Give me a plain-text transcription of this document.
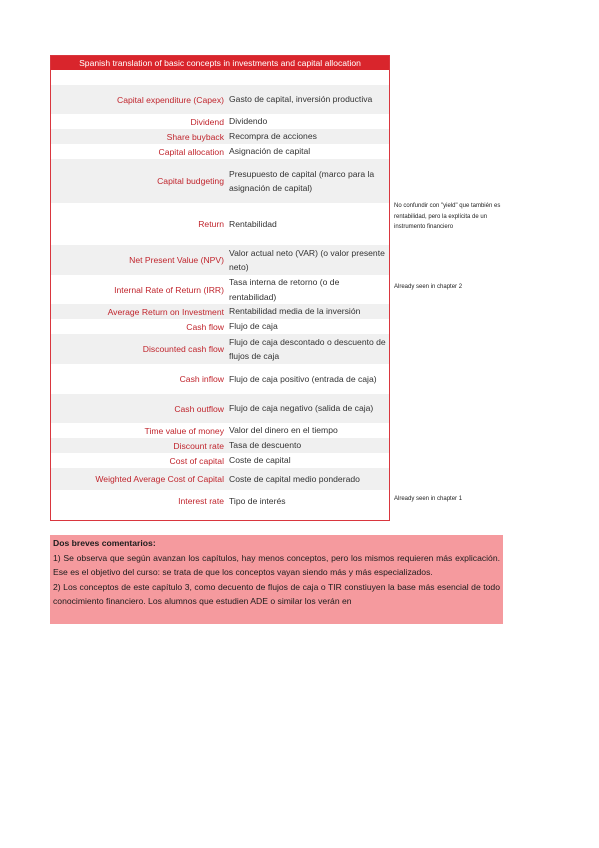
Spanish translation of basic concepts in investments and capital allocation
Capital expenditure (Capex) Gasto de capital, inversión productiva
Dividend Dividendo
Share buyback Recompra de acciones
Capital allocation Asignación de capital
Capital budgeting
Presupuesto de capital (marco para la asignación de capital)
Return Rentabilidad
Net Present Value (NPV)
Valor actual neto (VAR) (o valor presente neto)
Internal Rate of Return (IRR)
Tasa interna de retorno (o de rentabilidad)
Average Return on Investment Rentabilidad media de la inversión
Cash flow Flujo de caja
Discounted cash flow
Flujo de caja descontado o descuento de flujos de caja
Cash inflow Flujo de caja positivo (entrada de caja)
Cash outflow Flujo de caja negativo (salida de caja)
Time value of money Valor del dinero en el tiempo
Discount rate Tasa de descuento
Cost of capital Coste de capital
Weighted Average Cost of Capital Coste de capital medio ponderado
Interest rate Tipo de interés
No confundir con "yield" que también es rentabilidad, pero la explícita de un instrumento financiero
Already seen in chapter 2
Already seen in chapter 1

Dos breves comentarios:

1) Se observa que según avanzan los capítulos, hay menos conceptos, pero los mismos requieren más explicación. Ese es el objetivo del curso: se trata de que los conceptos vayan siendo más y más especializados.

2) Los conceptos de este capítulo 3, como decuento de flujos de caja o TIR constiuyen la base más esencial de todo conocimiento financiero. Los alumnos que estudien ADE o similar los verán en
